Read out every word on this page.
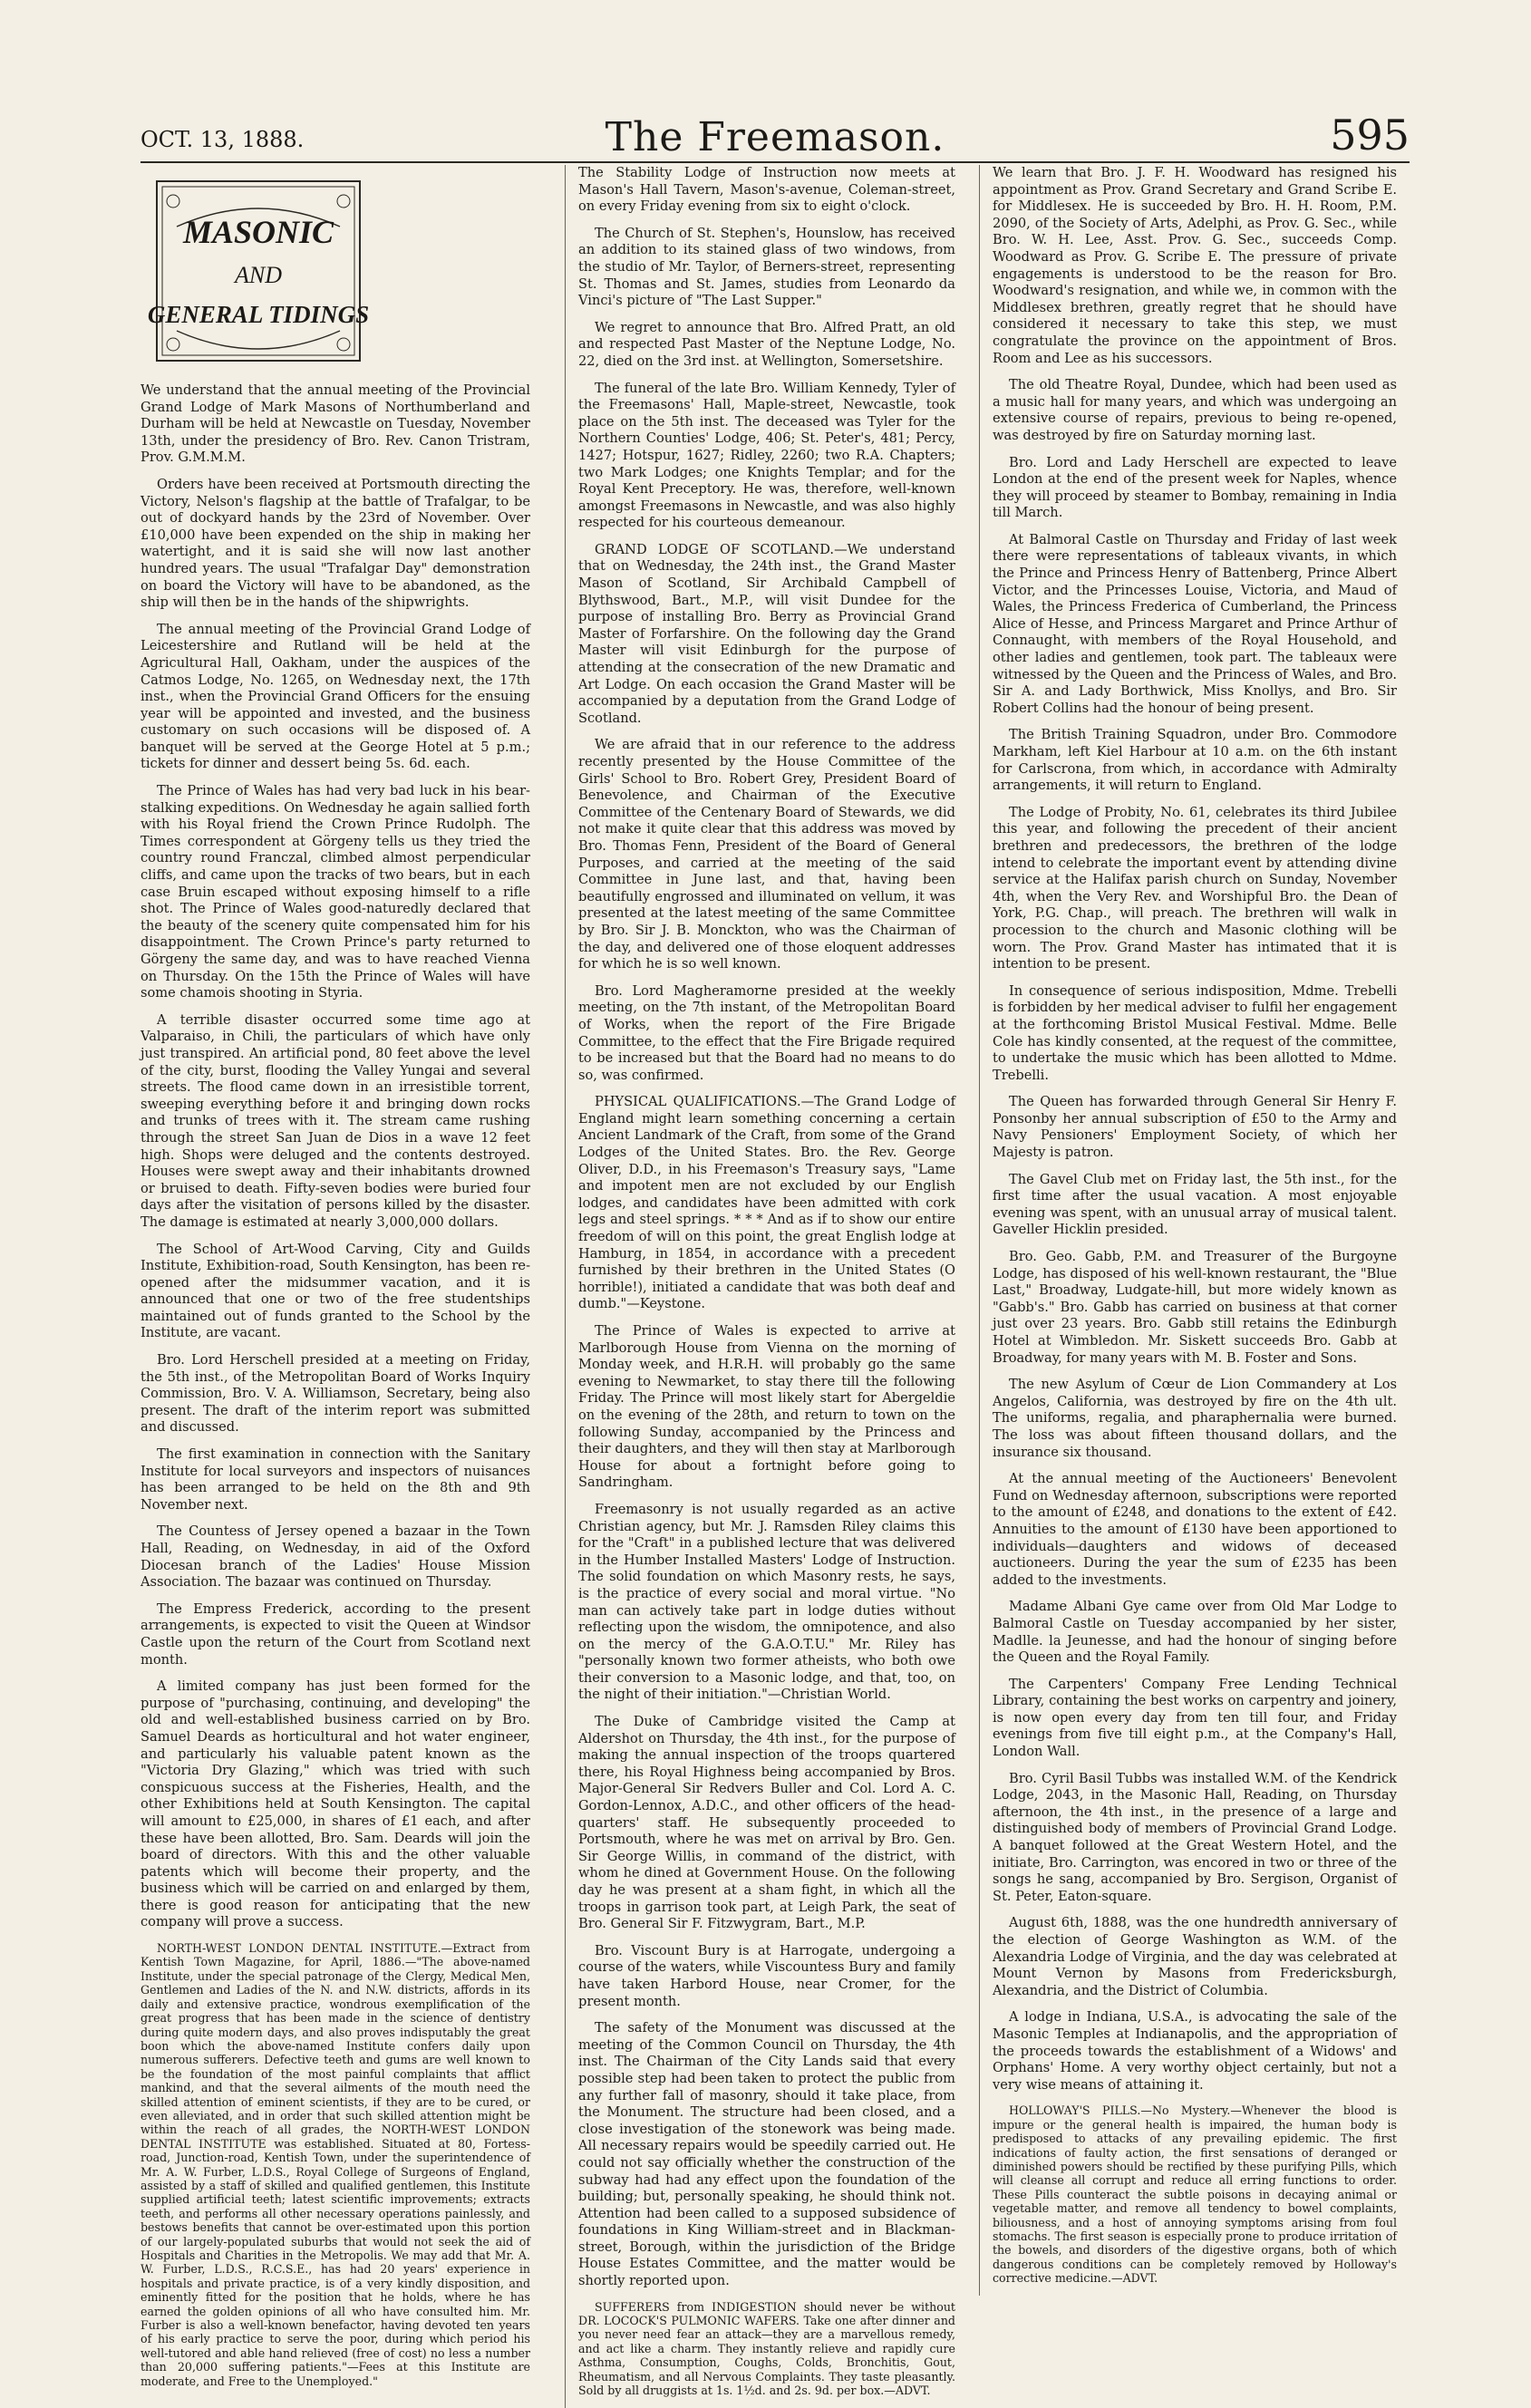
OCT. 13, 1888.	The Freemason.	595
MASONIC
AND
GENERAL TIDINGS

We understand that the annual meeting of the Provincial Grand Lodge of Mark Masons of Northumberland and Durham will be held at Newcastle on Tuesday, November 13th, under the presidency of Bro. Rev. Canon Tristram, Prov. G.M.M.M.

Orders have been received at Portsmouth directing the Victory, Nelson's flagship at the battle of Trafalgar, to be out of dockyard hands by the 23rd of November. Over £10,000 have been expended on the ship in making her watertight, and it is said she will now last another hundred years. The usual "Trafalgar Day" demonstration on board the Victory will have to be abandoned, as the ship will then be in the hands of the shipwrights.

The annual meeting of the Provincial Grand Lodge of Leicestershire and Rutland will be held at the Agricultural Hall, Oakham, under the auspices of the Catmos Lodge, No. 1265, on Wednesday next, the 17th inst., when the Provincial Grand Officers for the ensuing year will be appointed and invested, and the business customary on such occasions will be disposed of. A banquet will be served at the George Hotel at 5 p.m.; tickets for dinner and dessert being 5s. 6d. each.

The Prince of Wales has had very bad luck in his bear-stalking expeditions. On Wednesday he again sallied forth with his Royal friend the Crown Prince Rudolph. The Times correspondent at Görgeny tells us they tried the country round Franczal, climbed almost perpendicular cliffs, and came upon the tracks of two bears, but in each case Bruin escaped without exposing himself to a rifle shot. The Prince of Wales good-naturedly declared that the beauty of the scenery quite compensated him for his disappointment. The Crown Prince's party returned to Görgeny the same day, and was to have reached Vienna on Thursday. On the 15th the Prince of Wales will have some chamois shooting in Styria.

A terrible disaster occurred some time ago at Valparaiso, in Chili, the particulars of which have only just transpired. An artificial pond, 80 feet above the level of the city, burst, flooding the Valley Yungai and several streets. The flood came down in an irresistible torrent, sweeping everything before it and bringing down rocks and trunks of trees with it. The stream came rushing through the street San Juan de Dios in a wave 12 feet high. Shops were deluged and the contents destroyed. Houses were swept away and their inhabitants drowned or bruised to death. Fifty-seven bodies were buried four days after the visitation of persons killed by the disaster. The damage is estimated at nearly 3,000,000 dollars.

The School of Art-Wood Carving, City and Guilds Institute, Exhibition-road, South Kensington, has been re-opened after the midsummer vacation, and it is announced that one or two of the free studentships maintained out of funds granted to the School by the Institute, are vacant.

Bro. Lord Herschell presided at a meeting on Friday, the 5th inst., of the Metropolitan Board of Works Inquiry Commission, Bro. V. A. Williamson, Secretary, being also present. The draft of the interim report was submitted and discussed.

The first examination in connection with the Sanitary Institute for local surveyors and inspectors of nuisances has been arranged to be held on the 8th and 9th November next.

The Countess of Jersey opened a bazaar in the Town Hall, Reading, on Wednesday, in aid of the Oxford Diocesan branch of the Ladies' House Mission Association. The bazaar was continued on Thursday.

The Empress Frederick, according to the present arrangements, is expected to visit the Queen at Windsor Castle upon the return of the Court from Scotland next month.

A limited company has just been formed for the purpose of "purchasing, continuing, and developing" the old and well-established business carried on by Bro. Samuel Deards as horticultural and hot water engineer, and particularly his valuable patent known as the "Victoria Dry Glazing," which was tried with such conspicuous success at the Fisheries, Health, and the other Exhibitions held at South Kensington. The capital will amount to £25,000, in shares of £1 each, and after these have been allotted, Bro. Sam. Deards will join the board of directors. With this and the other valuable patents which will become their property, and the business which will be carried on and enlarged by them, there is good reason for anticipating that the new company will prove a success.

NORTH-WEST LONDON DENTAL INSTITUTE.—Extract from Kentish Town Magazine, for April, 1886.—"The above-named Institute, under the special patronage of the Clergy, Medical Men, Gentlemen and Ladies of the N. and N.W. districts, affords in its daily and extensive practice, wondrous exemplification of the great progress that has been made in the science of dentistry during quite modern days, and also proves indisputably the great boon which the above-named Institute confers daily upon numerous sufferers. Defective teeth and gums are well known to be the foundation of the most painful complaints that afflict mankind, and that the several ailments of the mouth need the skilled attention of eminent scientists, if they are to be cured, or even alleviated, and in order that such skilled attention might be within the reach of all grades, the NORTH-WEST LONDON DENTAL INSTITUTE was established. Situated at 80, Fortess-road, Junction-road, Kentish Town, under the superintendence of Mr. A. W. Furber, L.D.S., Royal College of Surgeons of England, assisted by a staff of skilled and qualified gentlemen, this Institute supplied artificial teeth; latest scientific improvements; extracts teeth, and performs all other necessary operations painlessly, and bestows benefits that cannot be over-estimated upon this portion of our largely-populated suburbs that would not seek the aid of Hospitals and Charities in the Metropolis. We may add that Mr. A. W. Furber, L.D.S., R.C.S.E., has had 20 years' experience in hospitals and private practice, is of a very kindly disposition, and eminently fitted for the position that he holds, where he has earned the golden opinions of all who have consulted him. Mr. Furber is also a well-known benefactor, having devoted ten years of his early practice to serve the poor, during which period his well-tutored and able hand relieved (free of cost) no less a number than 20,000 suffering patients."—Fees at this Institute are moderate, and Free to the Unemployed."

The Stability Lodge of Instruction now meets at Mason's Hall Tavern, Mason's-avenue, Coleman-street, on every Friday evening from six to eight o'clock.

The Church of St. Stephen's, Hounslow, has received an addition to its stained glass of two windows, from the studio of Mr. Taylor, of Berners-street, representing St. Thomas and St. James, studies from Leonardo da Vinci's picture of "The Last Supper."

We regret to announce that Bro. Alfred Pratt, an old and respected Past Master of the Neptune Lodge, No. 22, died on the 3rd inst. at Wellington, Somersetshire.

The funeral of the late Bro. William Kennedy, Tyler of the Freemasons' Hall, Maple-street, Newcastle, took place on the 5th inst. The deceased was Tyler for the Northern Counties' Lodge, 406; St. Peter's, 481; Percy, 1427; Hotspur, 1627; Ridley, 2260; two R.A. Chapters; two Mark Lodges; one Knights Templar; and for the Royal Kent Preceptory. He was, therefore, well-known amongst Freemasons in Newcastle, and was also highly respected for his courteous demeanour.

GRAND LODGE OF SCOTLAND.—We understand that on Wednesday, the 24th inst., the Grand Master Mason of Scotland, Sir Archibald Campbell of Blythswood, Bart., M.P., will visit Dundee for the purpose of installing Bro. Berry as Provincial Grand Master of Forfarshire. On the following day the Grand Master will visit Edinburgh for the purpose of attending at the consecration of the new Dramatic and Art Lodge. On each occasion the Grand Master will be accompanied by a deputation from the Grand Lodge of Scotland.

We are afraid that in our reference to the address recently presented by the House Committee of the Girls' School to Bro. Robert Grey, President Board of Benevolence, and Chairman of the Executive Committee of the Centenary Board of Stewards, we did not make it quite clear that this address was moved by Bro. Thomas Fenn, President of the Board of General Purposes, and carried at the meeting of the said Committee in June last, and that, having been beautifully engrossed and illuminated on vellum, it was presented at the latest meeting of the same Committee by Bro. Sir J. B. Monckton, who was the Chairman of the day, and delivered one of those eloquent addresses for which he is so well known.

Bro. Lord Magheramorne presided at the weekly meeting, on the 7th instant, of the Metropolitan Board of Works, when the report of the Fire Brigade Committee, to the effect that the Fire Brigade required to be increased but that the Board had no means to do so, was confirmed.

PHYSICAL QUALIFICATIONS.—The Grand Lodge of England might learn something concerning a certain Ancient Landmark of the Craft, from some of the Grand Lodges of the United States. Bro. the Rev. George Oliver, D.D., in his Freemason's Treasury says, "Lame and impotent men are not excluded by our English lodges, and candidates have been admitted with cork legs and steel springs. * * * And as if to show our entire freedom of will on this point, the great English lodge at Hamburg, in 1854, in accordance with a precedent furnished by their brethren in the United States (O horrible!), initiated a candidate that was both deaf and dumb."—Keystone.

The Prince of Wales is expected to arrive at Marlborough House from Vienna on the morning of Monday week, and H.R.H. will probably go the same evening to Newmarket, to stay there till the following Friday. The Prince will most likely start for Abergeldie on the evening of the 28th, and return to town on the following Sunday, accompanied by the Princess and their daughters, and they will then stay at Marlborough House for about a fortnight before going to Sandringham.

Freemasonry is not usually regarded as an active Christian agency, but Mr. J. Ramsden Riley claims this for the "Craft" in a published lecture that was delivered in the Humber Installed Masters' Lodge of Instruction. The solid foundation on which Masonry rests, he says, is the practice of every social and moral virtue. "No man can actively take part in lodge duties without reflecting upon the wisdom, the omnipotence, and also on the mercy of the G.A.O.T.U." Mr. Riley has "personally known two former atheists, who both owe their conversion to a Masonic lodge, and that, too, on the night of their initiation."—Christian World.

The Duke of Cambridge visited the Camp at Aldershot on Thursday, the 4th inst., for the purpose of making the annual inspection of the troops quartered there, his Royal Highness being accompanied by Bros. Major-General Sir Redvers Buller and Col. Lord A. C. Gordon-Lennox, A.D.C., and other officers of the head-quarters' staff. He subsequently proceeded to Portsmouth, where he was met on arrival by Bro. Gen. Sir George Willis, in command of the district, with whom he dined at Government House. On the following day he was present at a sham fight, in which all the troops in garrison took part, at Leigh Park, the seat of Bro. General Sir F. Fitzwygram, Bart., M.P.

Bro. Viscount Bury is at Harrogate, undergoing a course of the waters, while Viscountess Bury and family have taken Harbord House, near Cromer, for the present month.

The safety of the Monument was discussed at the meeting of the Common Council on Thursday, the 4th inst. The Chairman of the City Lands said that every possible step had been taken to protect the public from any further fall of masonry, should it take place, from the Monument. The structure had been closed, and a close investigation of the stonework was being made. All necessary repairs would be speedily carried out. He could not say officially whether the construction of the subway had had any effect upon the foundation of the building; but, personally speaking, he should think not. Attention had been called to a supposed subsidence of foundations in King William-street and in Blackman-street, Borough, within the jurisdiction of the Bridge House Estates Committee, and the matter would be shortly reported upon.

SUFFERERS from INDIGESTION should never be without DR. LOCOCK'S PULMONIC WAFERS. Take one after dinner and you never need fear an attack—they are a marvellous remedy, and act like a charm. They instantly relieve and rapidly cure Asthma, Consumption, Coughs, Colds, Bronchitis, Gout, Rheumatism, and all Nervous Complaints. They taste pleasantly. Sold by all druggists at 1s. 1½d. and 2s. 9d. per box.—ADVT.

We learn that Bro. J. F. H. Woodward has resigned his appointment as Prov. Grand Secretary and Grand Scribe E. for Middlesex. He is succeeded by Bro. H. H. Room, P.M. 2090, of the Society of Arts, Adelphi, as Prov. G. Sec., while Bro. W. H. Lee, Asst. Prov. G. Sec., succeeds Comp. Woodward as Prov. G. Scribe E. The pressure of private engagements is understood to be the reason for Bro. Woodward's resignation, and while we, in common with the Middlesex brethren, greatly regret that he should have considered it necessary to take this step, we must congratulate the province on the appointment of Bros. Room and Lee as his successors.

The old Theatre Royal, Dundee, which had been used as a music hall for many years, and which was undergoing an extensive course of repairs, previous to being re-opened, was destroyed by fire on Saturday morning last.

Bro. Lord and Lady Herschell are expected to leave London at the end of the present week for Naples, whence they will proceed by steamer to Bombay, remaining in India till March.

At Balmoral Castle on Thursday and Friday of last week there were representations of tableaux vivants, in which the Prince and Princess Henry of Battenberg, Prince Albert Victor, and the Princesses Louise, Victoria, and Maud of Wales, the Princess Frederica of Cumberland, the Princess Alice of Hesse, and Princess Margaret and Prince Arthur of Connaught, with members of the Royal Household, and other ladies and gentlemen, took part. The tableaux were witnessed by the Queen and the Princess of Wales, and Bro. Sir A. and Lady Borthwick, Miss Knollys, and Bro. Sir Robert Collins had the honour of being present.

The British Training Squadron, under Bro. Commodore Markham, left Kiel Harbour at 10 a.m. on the 6th instant for Carlscrona, from which, in accordance with Admiralty arrangements, it will return to England.

The Lodge of Probity, No. 61, celebrates its third Jubilee this year, and following the precedent of their ancient brethren and predecessors, the brethren of the lodge intend to celebrate the important event by attending divine service at the Halifax parish church on Sunday, November 4th, when the Very Rev. and Worshipful Bro. the Dean of York, P.G. Chap., will preach. The brethren will walk in procession to the church and Masonic clothing will be worn. The Prov. Grand Master has intimated that it is intention to be present.

In consequence of serious indisposition, Mdme. Trebelli is forbidden by her medical adviser to fulfil her engagement at the forthcoming Bristol Musical Festival. Mdme. Belle Cole has kindly consented, at the request of the committee, to undertake the music which has been allotted to Mdme. Trebelli.

The Queen has forwarded through General Sir Henry F. Ponsonby her annual subscription of £50 to the Army and Navy Pensioners' Employment Society, of which her Majesty is patron.

The Gavel Club met on Friday last, the 5th inst., for the first time after the usual vacation. A most enjoyable evening was spent, with an unusual array of musical talent. Gaveller Hicklin presided.

Bro. Geo. Gabb, P.M. and Treasurer of the Burgoyne Lodge, has disposed of his well-known restaurant, the "Blue Last," Broadway, Ludgate-hill, but more widely known as "Gabb's." Bro. Gabb has carried on business at that corner just over 23 years. Bro. Gabb still retains the Edinburgh Hotel at Wimbledon. Mr. Siskett succeeds Bro. Gabb at Broadway, for many years with M. B. Foster and Sons.

The new Asylum of Cœur de Lion Commandery at Los Angelos, California, was destroyed by fire on the 4th ult. The uniforms, regalia, and pharaphernalia were burned. The loss was about fifteen thousand dollars, and the insurance six thousand.

At the annual meeting of the Auctioneers' Benevolent Fund on Wednesday afternoon, subscriptions were reported to the amount of £248, and donations to the extent of £42. Annuities to the amount of £130 have been apportioned to individuals—daughters and widows of deceased auctioneers. During the year the sum of £235 has been added to the investments.

Madame Albani Gye came over from Old Mar Lodge to Balmoral Castle on Tuesday accompanied by her sister, Madlle. la Jeunesse, and had the honour of singing before the Queen and the Royal Family.

The Carpenters' Company Free Lending Technical Library, containing the best works on carpentry and joinery, is now open every day from ten till four, and Friday evenings from five till eight p.m., at the Company's Hall, London Wall.

Bro. Cyril Basil Tubbs was installed W.M. of the Kendrick Lodge, 2043, in the Masonic Hall, Reading, on Thursday afternoon, the 4th inst., in the presence of a large and distinguished body of members of Provincial Grand Lodge. A banquet followed at the Great Western Hotel, and the initiate, Bro. Carrington, was encored in two or three of the songs he sang, accompanied by Bro. Sergison, Organist of St. Peter, Eaton-square.

August 6th, 1888, was the one hundredth anniversary of the election of George Washington as W.M. of the Alexandria Lodge of Virginia, and the day was celebrated at Mount Vernon by Masons from Fredericksburgh, Alexandria, and the District of Columbia.

A lodge in Indiana, U.S.A., is advocating the sale of the Masonic Temples at Indianapolis, and the appropriation of the proceeds towards the establishment of a Widows' and Orphans' Home. A very worthy object certainly, but not a very wise means of attaining it.

HOLLOWAY'S PILLS.—No Mystery.—Whenever the blood is impure or the general health is impaired, the human body is predisposed to attacks of any prevailing epidemic. The first indications of faulty action, the first sensations of deranged or diminished powers should be rectified by these purifying Pills, which will cleanse all corrupt and reduce all erring functions to order. These Pills counteract the subtle poisons in decaying animal or vegetable matter, and remove all tendency to bowel complaints, biliousness, and a host of annoying symptoms arising from foul stomachs. The first season is especially prone to produce irritation of the bowels, and disorders of the digestive organs, both of which dangerous conditions can be completely removed by Holloway's corrective medicine.—ADVT.
